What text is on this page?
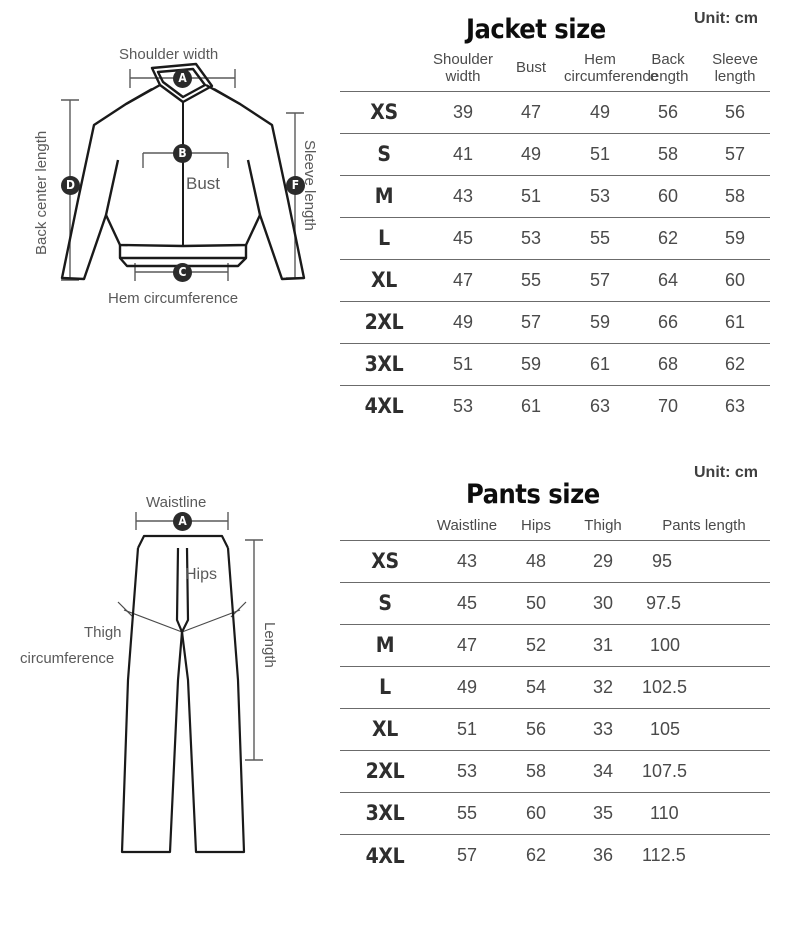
Shoulder width
A
B
C
D	F
Bust
Hem circumference
Back center length	Sleeve length
Jacket size	Unit: cm
	Shoulder width	Bust	Hem circumference	Back length	Sleeve length
XS	39	47	49	56	56
S	41	49	51	58	57
M	43	51	53	60	58
L	45	53	55	62	59
XL	47	55	57	64	60
2XL	49	57	59	66	61
3XL	51	59	61	68	62
4XL	53	61	63	70	63
Waistline
A
Hips
Thigh
circumference	Length
Pants size
Unit: cm
	Waistline	Hips	Thigh	Pants length
XS	43	48	29	95
S	45	50	30	97.5
M	47	52	31	100
L	49	54	32	102.5
XL	51	56	33	105
2XL	53	58	34	107.5
3XL	55	60	35	110
4XL	57	62	36	112.5
